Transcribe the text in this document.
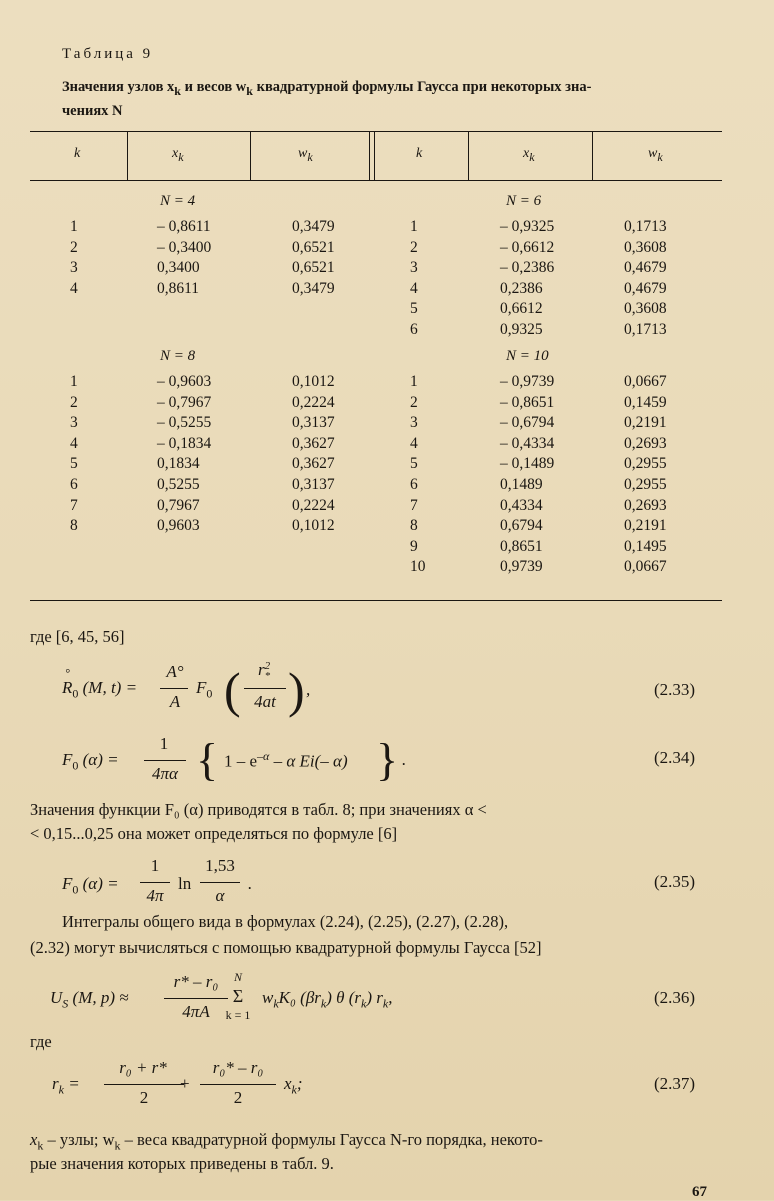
Таблица 9
Значения узлов $x_k$ и весов $w_k$ квадратурной формулы Гаусса при некоторых зна-
чениях N
k	$x_k$	$w_k$	k	$x_k$	$w_k$
N = 4
1	– 0,8611	0,3479
2	– 0,3400	0,6521
3	0,3400	0,6521
4	0,8611	0,3479
N = 6
1	– 0,9325	0,1713
2	– 0,6612	0,3608
3	– 0,2386	0,4679
4	0,2386	0,4679
5	0,6612	0,3608
6	0,9325	0,1713
N = 8
1	– 0,9603	0,1012
2	– 0,7967	0,2224
3	– 0,5255	0,3137
4	– 0,1834	0,3627
5	0,1834	0,3627
6	0,5255	0,3137
7	0,7967	0,2224
8	0,9603	0,1012
N = 10
1	– 0,9739	0,0667
2	– 0,8651	0,1459
3	– 0,6794	0,2191
4	– 0,4334	0,2693
5	– 0,1489	0,2955
6	0,1489	0,2955
7	0,4334	0,2693
8	0,6794	0,2191
9	0,8651	0,1495
10	0,9739	0,0667
где [6, 45, 56]
°
$R_0$ (M, t) =
A°
A
$F_0$ (	r2
*
4at ) ,	(2.33)
$F_0$ (α) =
1
4πα { $1 - e^{-\alpha}$ – α Ei(– α) } .	(2.34)
Значения функции F₀ (α) приводятся в табл. 8; при значениях α <
< 0,15...0,25 она может определяться по формуле [6]
$F_0$ (α) =
1
4π
ln
1,53
α
.	(2.35)
Интегралы общего вида в формулах (2.24), (2.25), (2.27), (2.28),
(2.32) могут вычисляться с помощью квадратурной формулы Гаусса [52]
$U_S$ (M, p) ≈
r* – r₀
4πA
N
Σ
k = 1
$w_kK_0$ $(\beta r_k)$ θ $(r_k)$ $r_k$,	(2.36)
где
$r_k$ =
r₀ + r*
2
+
r₀* – r₀
2
$x_k$;	(2.37)
$x_k$ – узлы; $w_k$ – веса квадратурной формулы Гаусса N-го порядка, некото-
рые значения которых приведены в табл. 9.
67
